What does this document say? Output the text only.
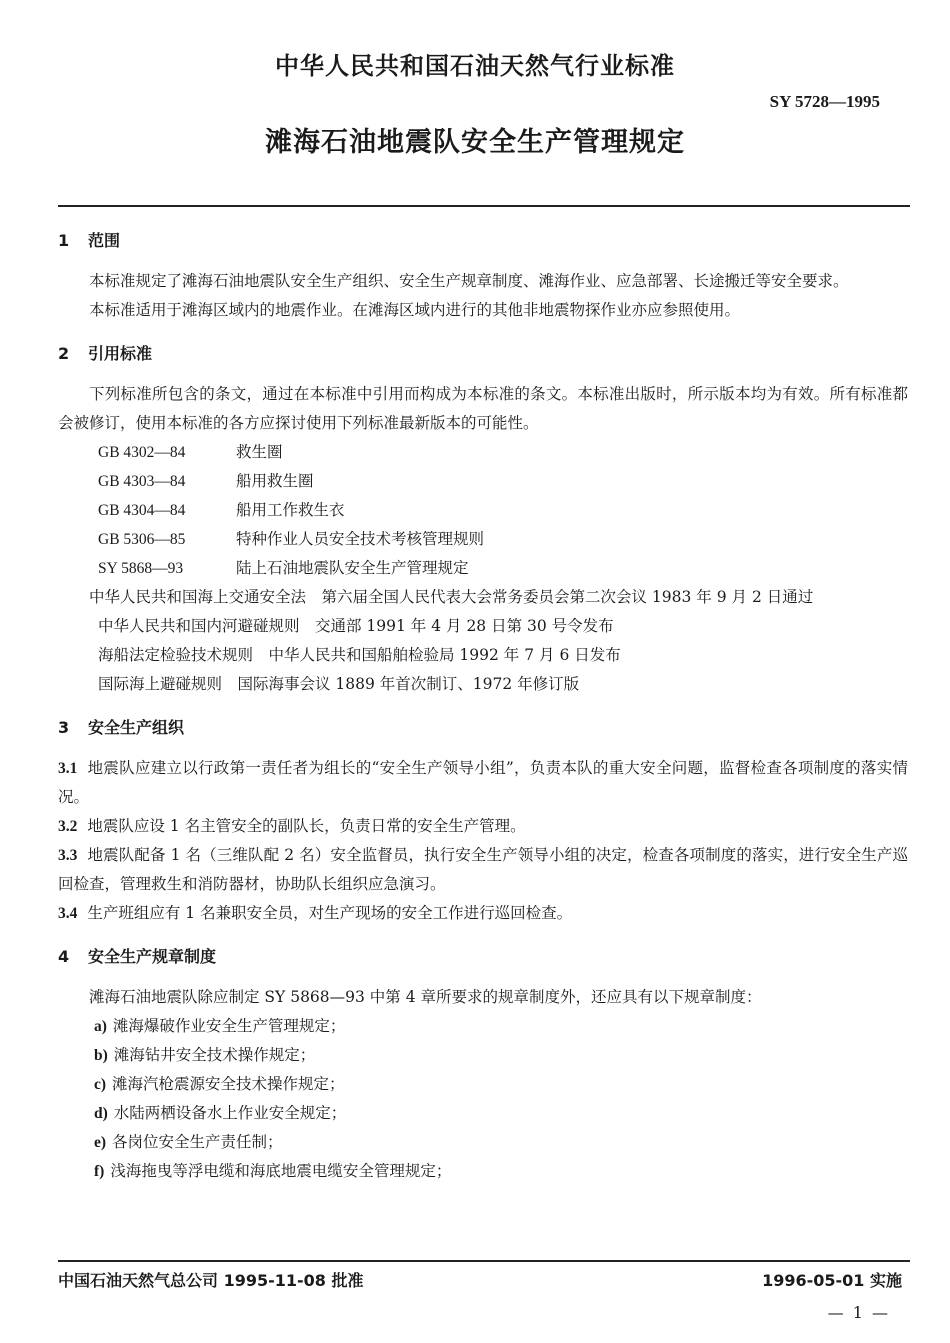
中华人民共和国石油天然气行业标准
SY 5728—1995
滩海石油地震队安全生产管理规定

1 范围

本标准规定了滩海石油地震队安全生产组织、安全生产规章制度、滩海作业、应急部署、长途搬迁等安全要求。

本标准适用于滩海区域内的地震作业。在滩海区域内进行的其他非地震物探作业亦应参照使用。

2 引用标准

下列标准所包含的条文，通过在本标准中引用而构成为本标准的条文。本标准出版时，所示版本均为有效。所有标准都会被修订，使用本标准的各方应探讨使用下列标准最新版本的可能性。

GB 4302—84	救生圈

GB 4303—84	船用救生圈

GB 4304—84	船用工作救生衣

GB 5306—85	特种作业人员安全技术考核管理规则

SY 5868—93	陆上石油地震队安全生产管理规定

中华人民共和国海上交通安全法　第六届全国人民代表大会常务委员会第二次会议 1983 年 9 月 2 日通过

中华人民共和国内河避碰规则　交通部 1991 年 4 月 28 日第 30 号令发布

海船法定检验技术规则　中华人民共和国船舶检验局 1992 年 7 月 6 日发布

国际海上避碰规则　国际海事会议 1889 年首次制订、1972 年修订版

3 安全生产组织

3.1 地震队应建立以行政第一责任者为组长的“安全生产领导小组”，负责本队的重大安全问题，监督检查各项制度的落实情况。

3.2 地震队应设 1 名主管安全的副队长，负责日常的安全生产管理。

3.3 地震队配备 1 名（三维队配 2 名）安全监督员，执行安全生产领导小组的决定，检查各项制度的落实，进行安全生产巡回检查，管理救生和消防器材，协助队长组织应急演习。

3.4 生产班组应有 1 名兼职安全员，对生产现场的安全工作进行巡回检查。

4 安全生产规章制度

滩海石油地震队除应制定 SY 5868—93 中第 4 章所要求的规章制度外，还应具有以下规章制度：

a) 滩海爆破作业安全生产管理规定；

b) 滩海钻井安全技术操作规定；

c) 滩海汽枪震源安全技术操作规定；

d) 水陆两栖设备水上作业安全规定；

e) 各岗位安全生产责任制；

f) 浅海拖曳等浮电缆和海底地震电缆安全管理规定；

中国石油天然气总公司 1995-11-08 批准	1996-05-01 实施
— 1 —
